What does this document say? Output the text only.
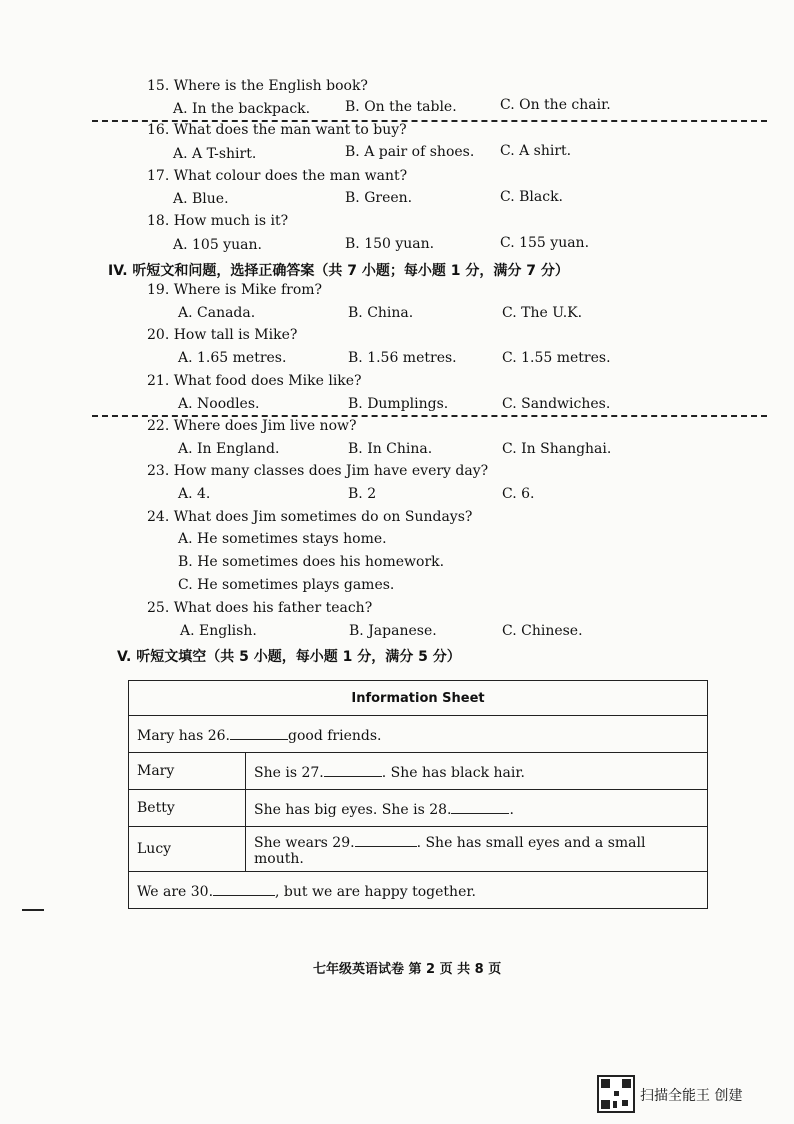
15. Where is the English book?
A. In the backpack. B. On the table.	C. On the chair.
16. What does the man want to buy?
A. A T-shirt.	B. A pair of shoes. C. A shirt.
17. What colour does the man want?
A. Blue.	B. Green.	C. Black.
18. How much is it?
A. 105 yuan.	B. 150 yuan.	C. 155 yuan.
IV. 听短文和问题，选择正确答案（共 7 小题；每小题 1 分，满分 7 分）
19. Where is Mike from?
A. Canada.	B. China.	C. The U.K.
20. How tall is Mike?
A. 1.65 metres.	B. 1.56 metres.	C. 1.55 metres.
21. What food does Mike like?
A. Noodles.	B. Dumplings.	C. Sandwiches.
22. Where does Jim live now?
A. In England.	B. In China.	C. In Shanghai.
23. How many classes does Jim have every day?
A. 4.	B. 2	C. 6.
24. What does Jim sometimes do on Sundays?
A. He sometimes stays home.
B. He sometimes does his homework.
C. He sometimes plays games.
25. What does his father teach?
A. English.	B. Japanese.	C. Chinese.
V. 听短文填空（共 5 小题，每小题 1 分，满分 5 分）
Information Sheet	
Mary has 26. good friends.	
Mary	She is 27. . She has black hair.
Betty	She has big eyes. She is 28. .
Lucy	She wears 29. . She has small eyes and a small mouth.
We are 30. , but we are happy together.	
七年级英语试卷 第 2 页 共 8 页
扫描全能王 创建
